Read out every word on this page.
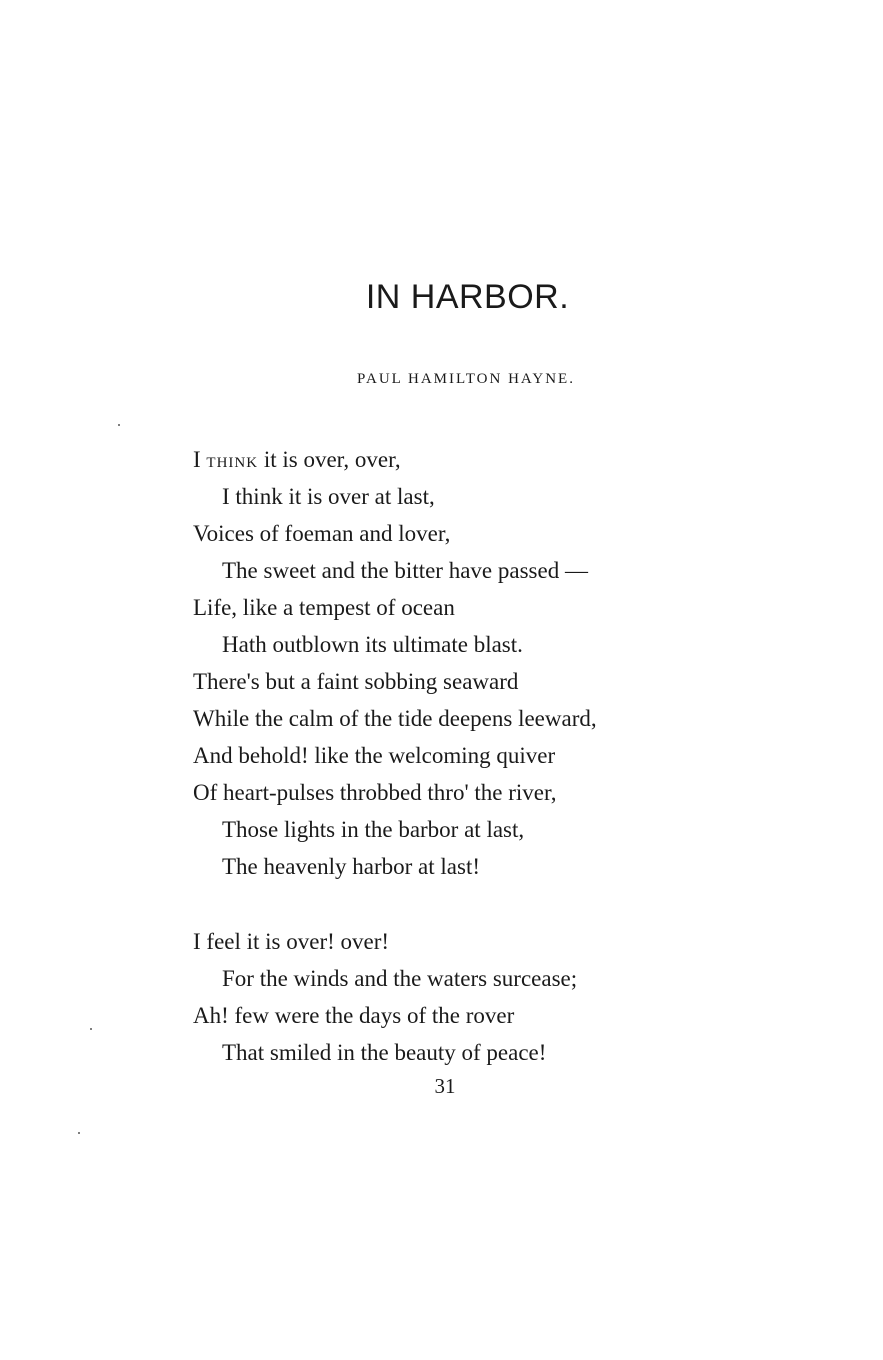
IN HARBOR.

PAUL HAMILTON HAYNE.

I THINK it is over, over,
I think it is over at last,
Voices of foeman and lover,
The sweet and the bitter have passed —
Life, like a tempest of ocean
Hath outblown its ultimate blast.
There's but a faint sobbing seaward
While the calm of the tide deepens leeward,
And behold! like the welcoming quiver
Of heart-pulses throbbed thro' the river,
Those lights in the barbor at last,
The heavenly harbor at last!
I feel it is over! over!
For the winds and the waters surcease;
Ah! few were the days of the rover
That smiled in the beauty of peace!

31
